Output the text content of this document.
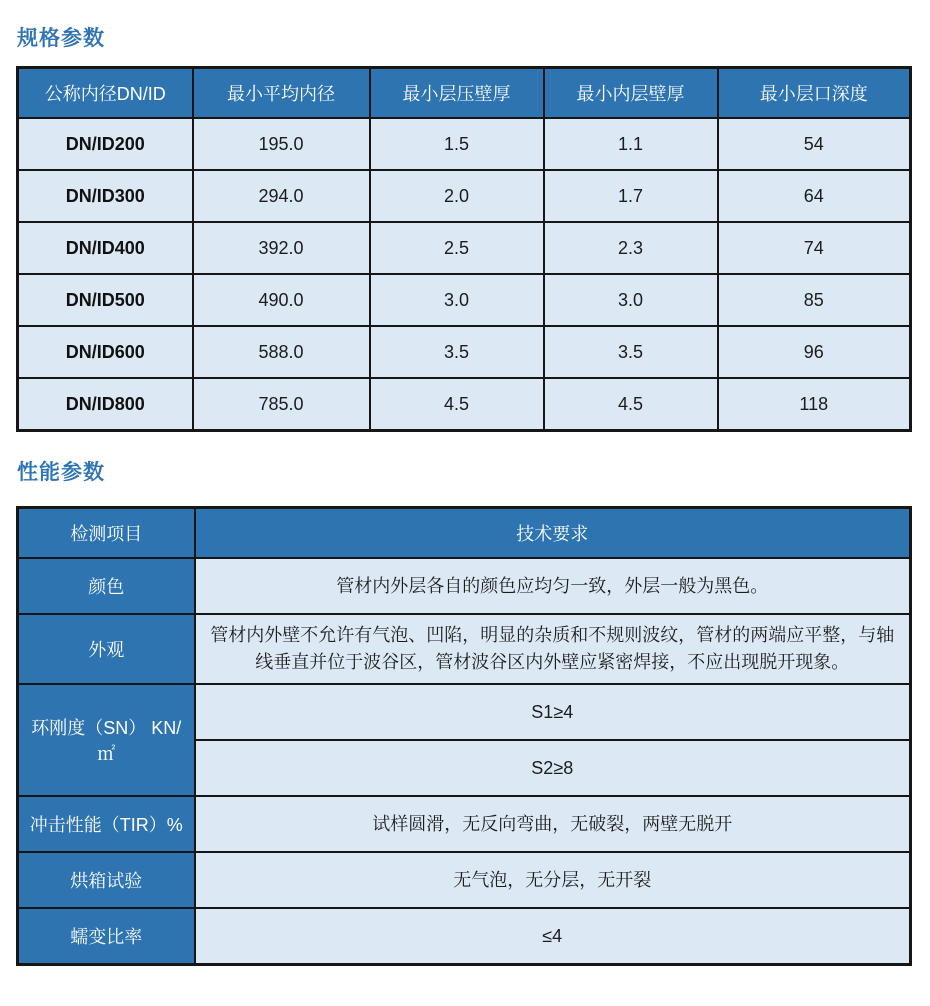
规格参数
公称内径DN/ID	最小平均内径	最小层压壁厚	最小内层壁厚	最小层口深度
DN/ID200	195.0	1.5	1.1	54
DN/ID300	294.0	2.0	1.7	64
DN/ID400	392.0	2.5	2.3	74
DN/ID500	490.0	3.0	3.0	85
DN/ID600	588.0	3.5	3.5	96
DN/ID800	785.0	4.5	4.5	118
性能参数
检测项目	技术要求
颜色	管材内外层各自的颜色应均匀一致，外层一般为黑色。
外观	管材内外壁不允许有气泡、凹陷，明显的杂质和不规则波纹，管材的两端应平整，与轴线垂直并位于波谷区，管材波谷区内外壁应紧密焊接，不应出现脱开现象。
环刚度（SN） KN/㎡	S1≥4
	S2≥8
冲击性能（TIR）%	试样圆滑，无反向弯曲，无破裂，两壁无脱开
烘箱试验	无气泡，无分层，无开裂
蠕变比率	≤4
